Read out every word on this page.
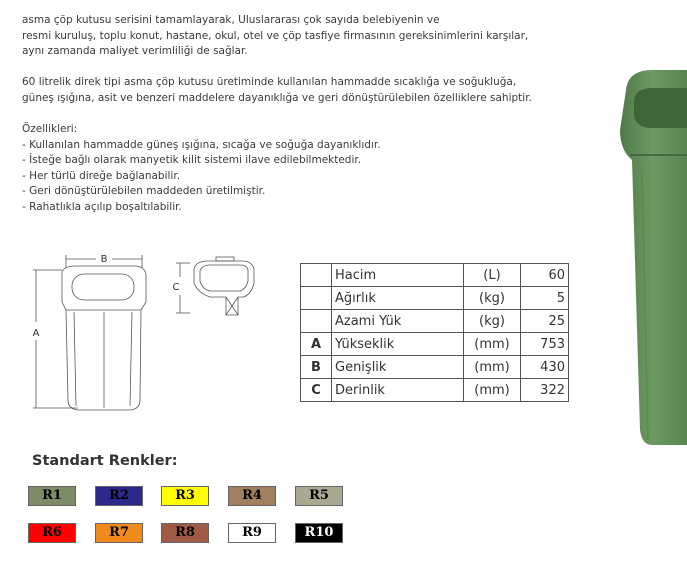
asma çöp kutusu serisini tamamlayarak, Uluslararası çok sayıda belebiyenin ve
resmi kuruluş, toplu konut, hastane, okul, otel ve çöp tasfiye firmasının gereksinimlerini karşılar,
aynı zamanda maliyet verimliliği de sağlar.
60 litrelik direk tipi asma çöp kutusu üretiminde kullanılan hammadde sıcaklığa ve soğukluğa,
güneş ışığına, asit ve benzeri maddelere dayanıklığa ve geri dönüştürülebilen özelliklere sahiptir.
Özellikleri:
- Kullanılan hammadde güneş ışığına, sıcağa ve soğuğa dayanıklıdır.
- İsteğe bağlı olarak manyetik kilit sistemi ilave edilebilmektedir.
- Her türlü direğe bağlanabilir.
- Geri dönüştürülebilen maddeden üretilmiştir.
- Rahatlıkla açılıp boşaltılabilir.
B
A
C
	Hacim	(L)	60
	Ağırlık	(kg)	5
	Azami Yük	(kg)	25
A	Yükseklik	(mm)	753
B	Genişlik	(mm)	430
C	Derinlik	(mm)	322

Standart Renkler:

R1	R2	R3	R4	R5
R6	R7	R8	R9	R10
